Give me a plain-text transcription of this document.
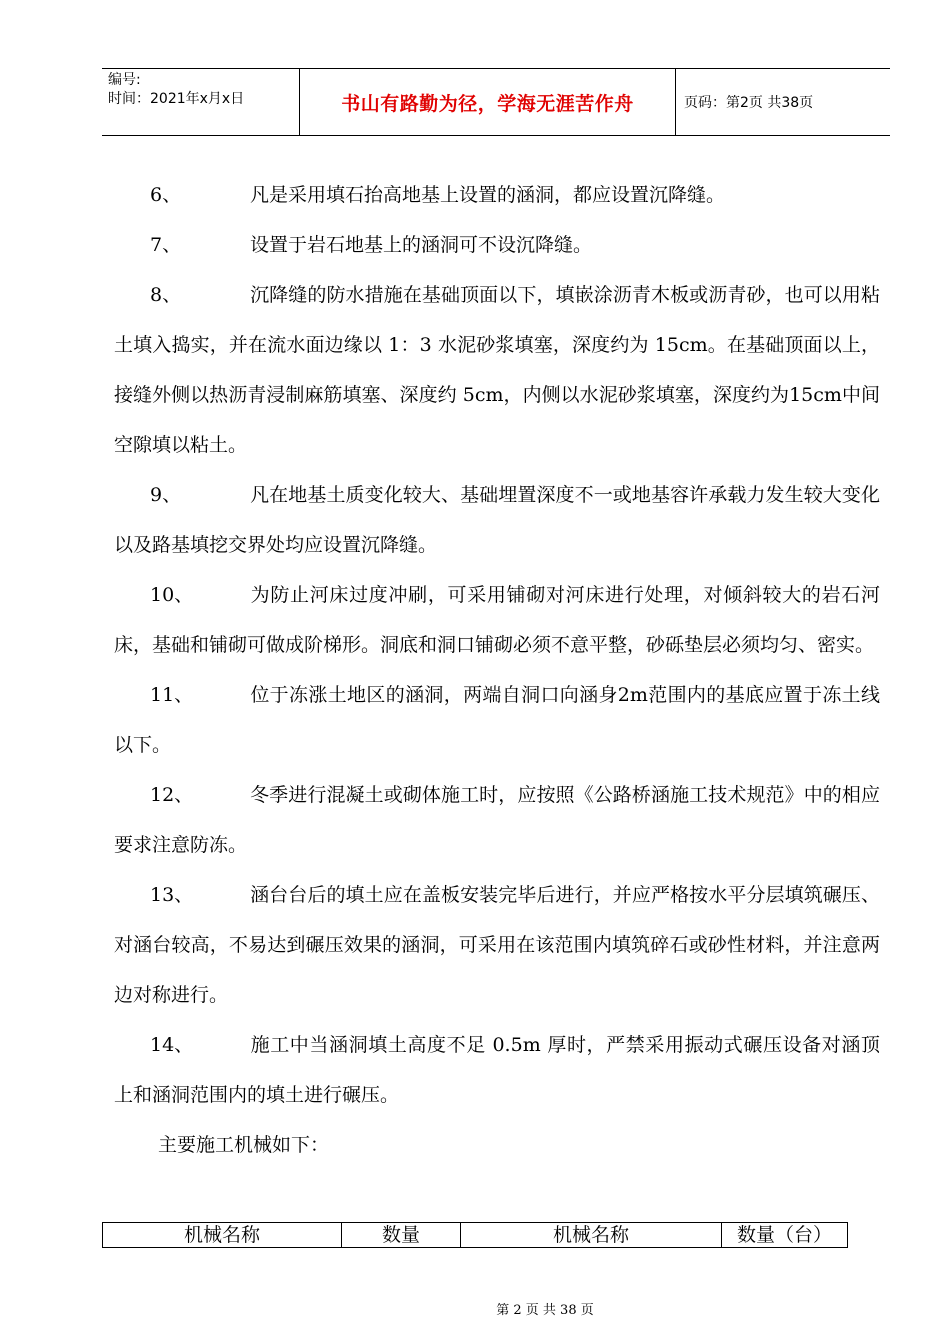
编号:
时间：2021年x月x日	书山有路勤为径，学海无涯苦作舟	页码：第2页 共38页

6、	凡是采用填石抬高地基上设置的涵洞，都应设置沉降缝。

7、	设置于岩石地基上的涵洞可不设沉降缝。

8、	沉降缝的防水措施在基础顶面以下，填嵌涂沥青木板或沥青砂，也可以用粘土填入捣实，并在流水面边缘以 1：3 水泥砂浆填塞，深度约为 15cm。在基础顶面以上，接缝外侧以热沥青浸制麻筋填塞、深度约 5cm，内侧以水泥砂浆填塞，深度约为15cm中间空隙填以粘土。

9、	凡在地基土质变化较大、基础埋置深度不一或地基容许承载力发生较大变化以及路基填挖交界处均应设置沉降缝。

10、	为防止河床过度冲刷，可采用铺砌对河床进行处理，对倾斜较大的岩石河床，基础和铺砌可做成阶梯形。洞底和洞口铺砌必须不意平整，砂砾垫层必须均匀、密实。

11、	位于冻涨土地区的涵洞，两端自洞口向涵身2m范围内的基底应置于冻土线以下。

12、	冬季进行混凝土或砌体施工时，应按照《公路桥涵施工技术规范》中的相应要求注意防冻。

13、	涵台台后的填土应在盖板安装完毕后进行，并应严格按水平分层填筑碾压、对涵台较高，不易达到碾压效果的涵洞，可采用在该范围内填筑碎石或砂性材料，并注意两边对称进行。

14、	施工中当涵洞填土高度不足 0.5m 厚时，严禁采用振动式碾压设备对涵顶上和涵洞范围内的填土进行碾压。

主要施工机械如下：

机械名称	数量	机械名称	数量（台）
第 2 页 共 38 页
